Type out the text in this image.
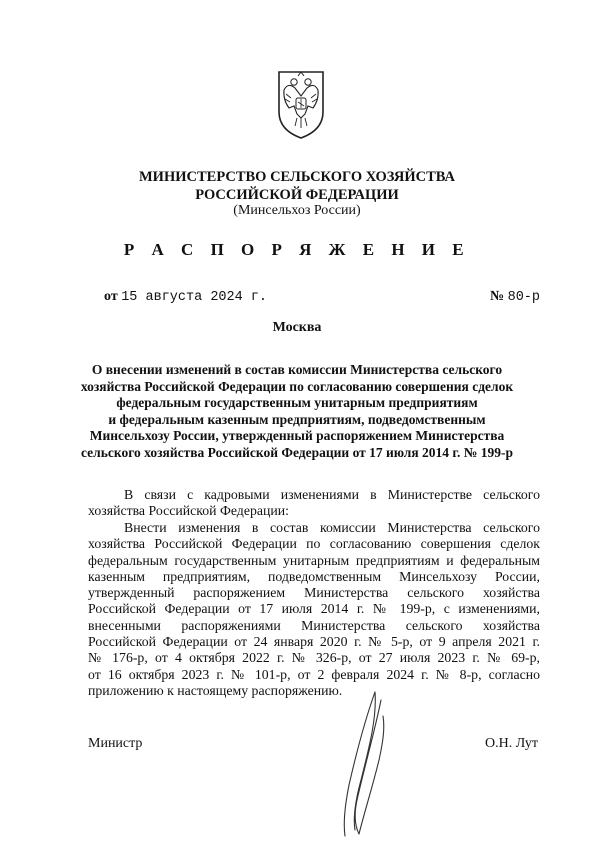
МИНИСТЕРСТВО СЕЛЬСКОГО ХОЗЯЙСТВА
РОССИЙСКОЙ ФЕДЕРАЦИИ
(Минсельхоз России)
Р А С П О Р Я Ж Е Н И Е
от 15 августа 2024 г.	№ 80-р
Москва
О внесении изменений в состав комиссии Министерства сельского
хозяйства Российской Федерации по согласованию совершения сделок
федеральным государственным унитарным предприятиям
и федеральным казенным предприятиям, подведомственным
Минсельхозу России, утвержденный распоряжением Министерства
сельского хозяйства Российской Федерации от 17 июля 2014 г. № 199-р
В связи с кадровыми изменениями в Министерстве сельского
хозяйства Российской Федерации:
Внести изменения в состав комиссии Министерства сельского
хозяйства Российской Федерации по согласованию совершения сделок
федеральным государственным унитарным предприятиям и федеральным
казенным предприятиям, подведомственным Минсельхозу России,
утвержденный распоряжением Министерства сельского хозяйства
Российской Федерации от 17 июля 2014 г. № 199-р, с изменениями,
внесенными распоряжениями Министерства сельского хозяйства
Российской Федерации от 24 января 2020 г. № 5-р, от 9 апреля 2021 г.
№ 176-р, от 4 октября 2022 г. № 326-р, от 27 июля 2023 г. № 69-р,
от 16 октября 2023 г. № 101-р, от 2 февраля 2024 г. № 8-р, согласно
приложению к настоящему распоряжению.
Министр	О.Н. Лут
